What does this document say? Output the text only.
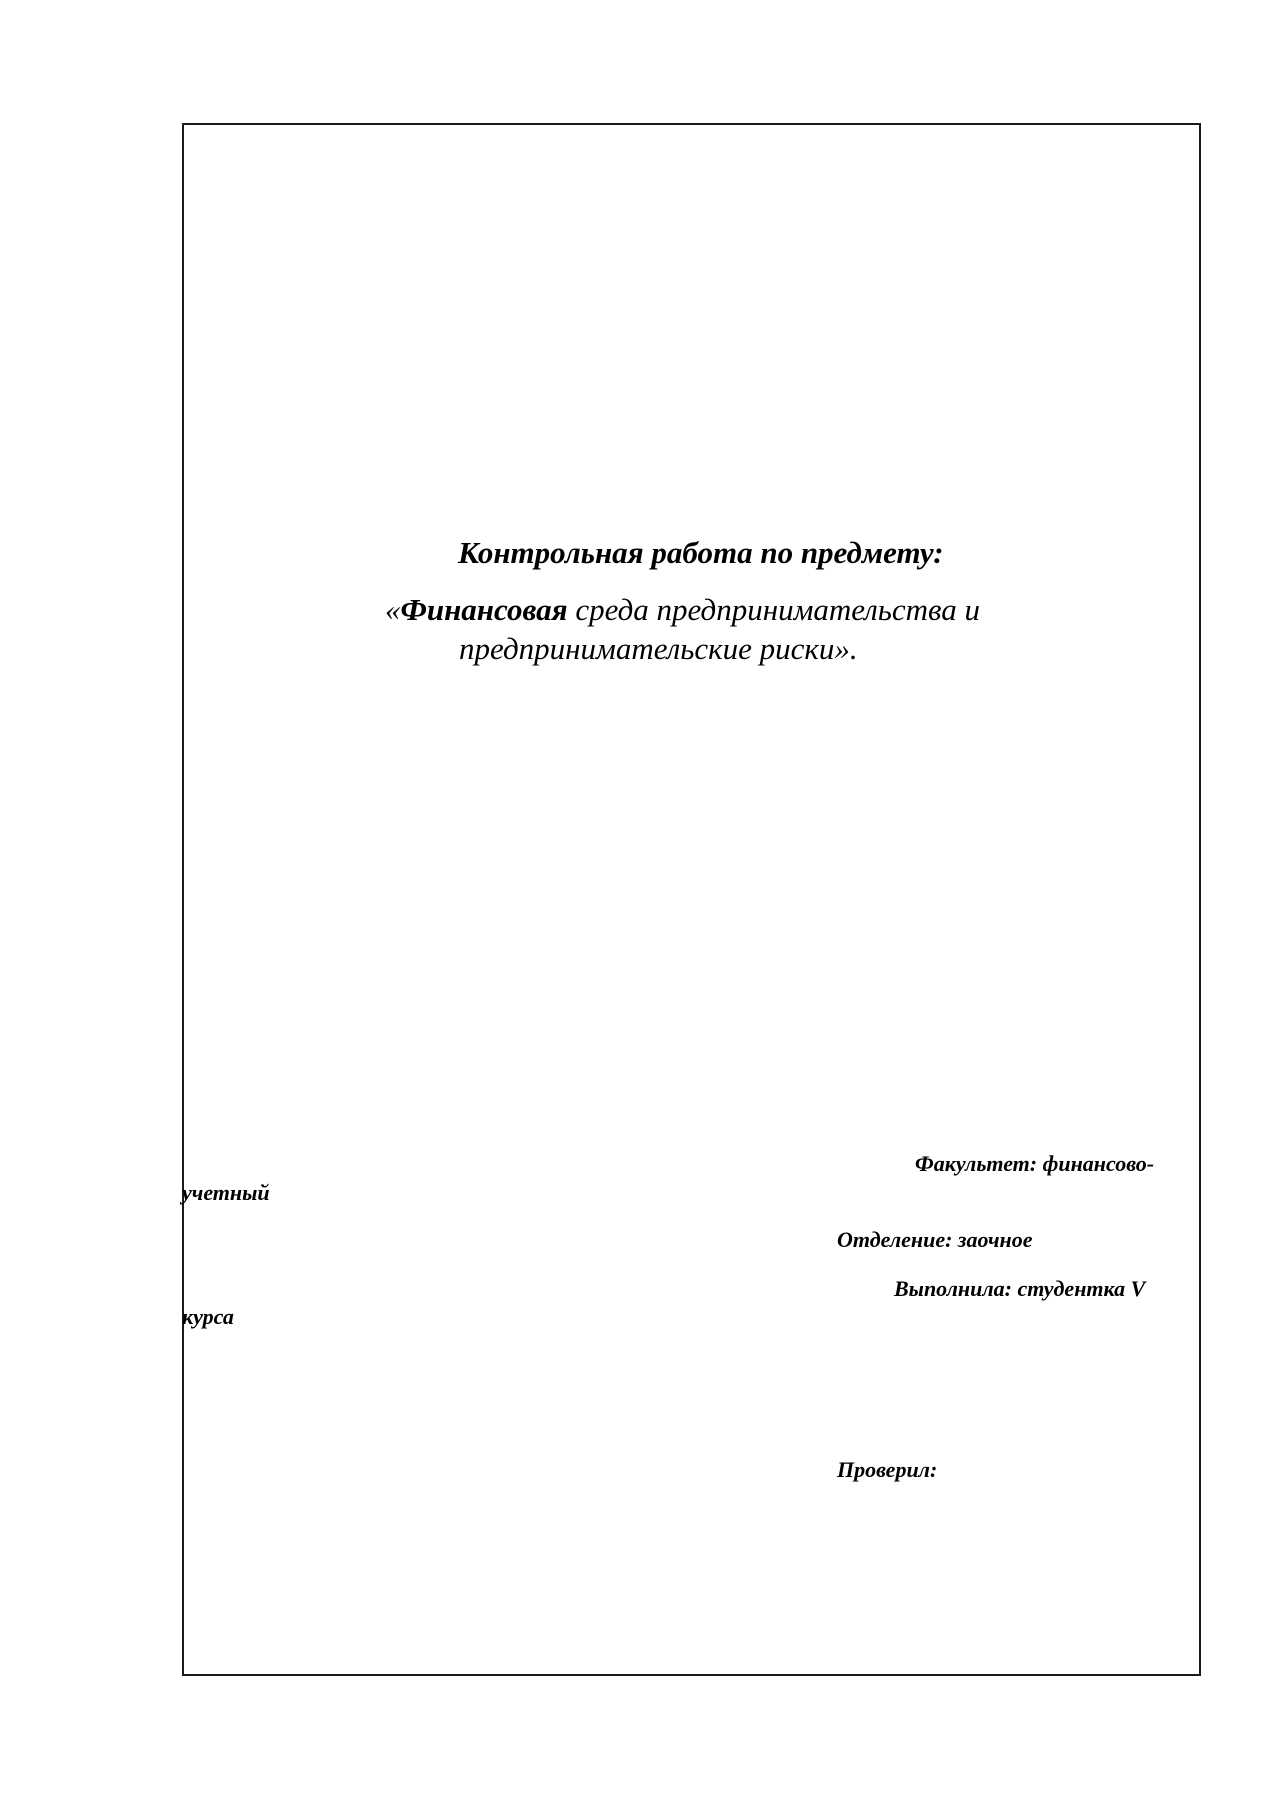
Контрольная работа по предмету:
«Финансовая среда предпринимательства и
предпринимательские риски».
Факультет: финансово-
учетный
Отделение: заочное
Выполнила: студентка V
курса
Проверил:
